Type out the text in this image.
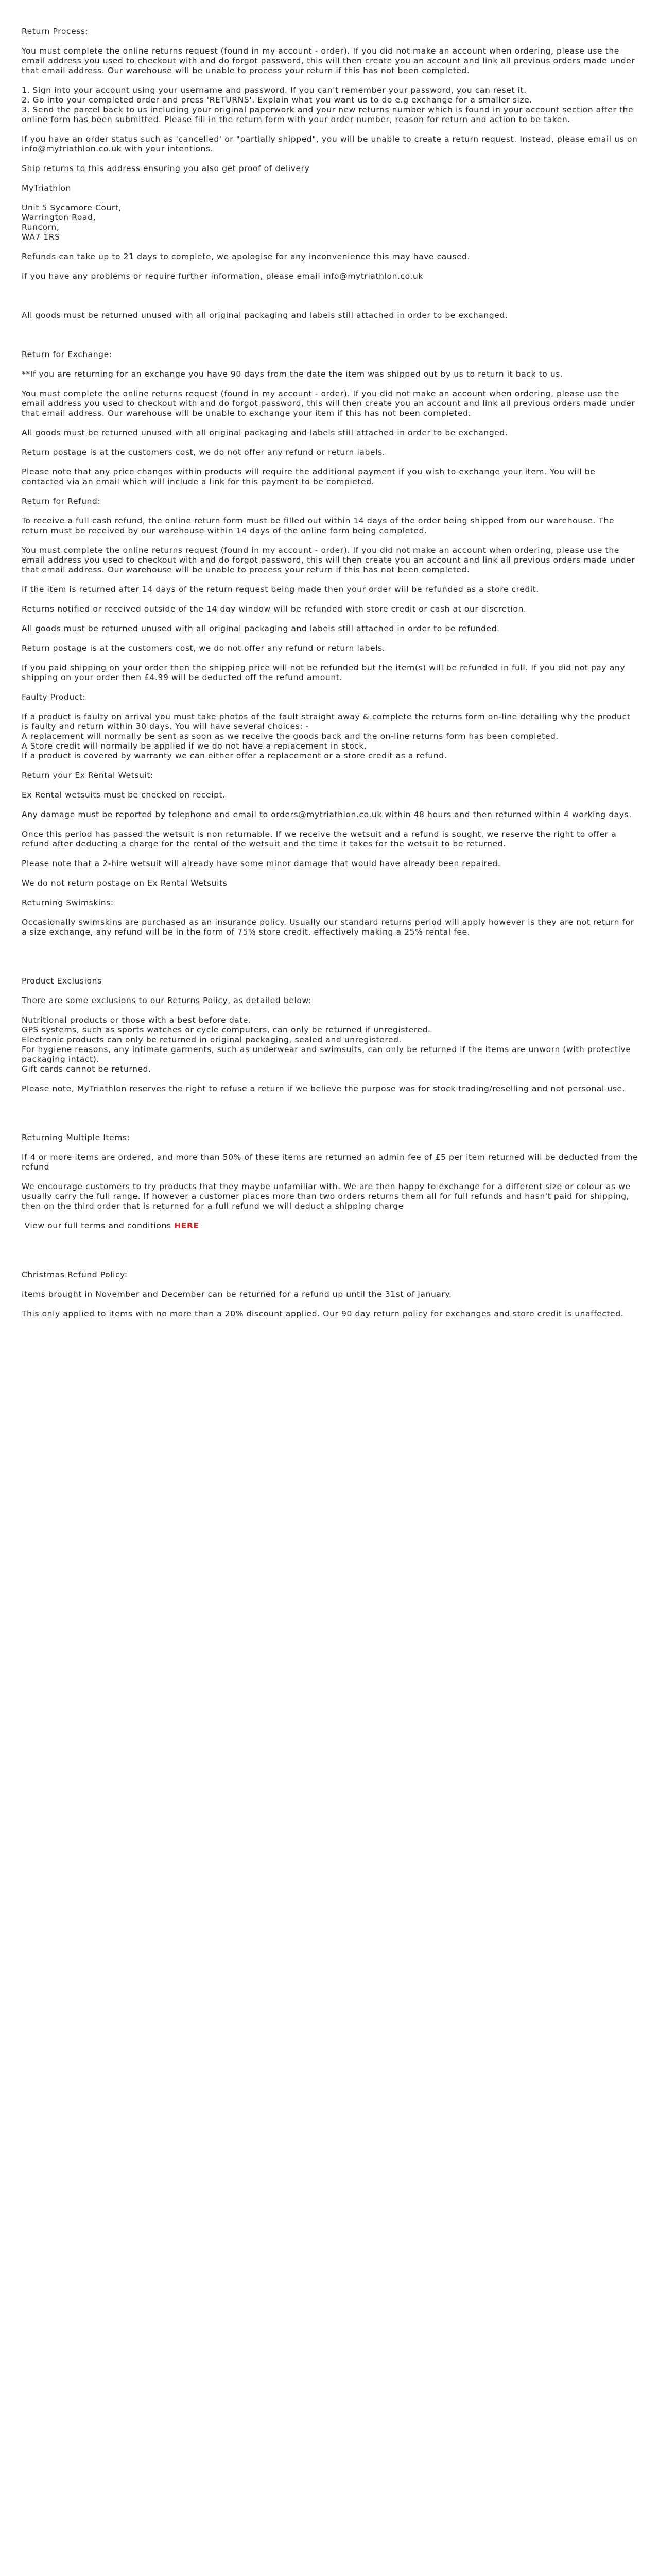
Return Process:

You must complete the online returns request (found in my account - order). If you did not make an account when ordering, please use the email address you used to checkout with and do forgot password, this will then create you an account and link all previous orders made under that email address. Our warehouse will be unable to process your return if this has not been completed.

1. Sign into your account using your username and password. If you can't remember your password, you can reset it.
2. Go into your completed order and press 'RETURNS'. Explain what you want us to do e.g exchange for a smaller size.
3. Send the parcel back to us including your original paperwork and your new returns number which is found in your account section after the online form has been submitted. Please fill in the return form with your order number, reason for return and action to be taken.

If you have an order status such as 'cancelled' or "partially shipped", you will be unable to create a return request. Instead, please email us on info@mytriathlon.co.uk with your intentions.

Ship returns to this address ensuring you also get proof of delivery

MyTriathlon

Unit 5 Sycamore Court,
Warrington Road,
Runcorn,
WA7 1RS

Refunds can take up to 21 days to complete, we apologise for any inconvenience this may have caused.

If you have any problems or require further information, please email info@mytriathlon.co.uk

All goods must be returned unused with all original packaging and labels still attached in order to be exchanged.

Return for Exchange:

**If you are returning for an exchange you have 90 days from the date the item was shipped out by us to return it back to us.

You must complete the online returns request (found in my account - order). If you did not make an account when ordering, please use the email address you used to checkout with and do forgot password, this will then create you an account and link all previous orders made under that email address. Our warehouse will be unable to exchange your item if this has not been completed.

All goods must be returned unused with all original packaging and labels still attached in order to be exchanged.

Return postage is at the customers cost, we do not offer any refund or return labels.

Please note that any price changes within products will require the additional payment if you wish to exchange your item. You will be contacted via an email which will include a link for this payment to be completed.

Return for Refund:

To receive a full cash refund, the online return form must be filled out within 14 days of the order being shipped from our warehouse. The return must be received by our warehouse within 14 days of the online form being completed.

You must complete the online returns request (found in my account - order). If you did not make an account when ordering, please use the email address you used to checkout with and do forgot password, this will then create you an account and link all previous orders made under that email address. Our warehouse will be unable to process your return if this has not been completed.

If the item is returned after 14 days of the return request being made then your order will be refunded as a store credit.

Returns notified or received outside of the 14 day window will be refunded with store credit or cash at our discretion.

All goods must be returned unused with all original packaging and labels still attached in order to be refunded.

Return postage is at the customers cost, we do not offer any refund or return labels.

If you paid shipping on your order then the shipping price will not be refunded but the item(s) will be refunded in full. If you did not pay any shipping on your order then £4.99 will be deducted off the refund amount.

Faulty Product:

If a product is faulty on arrival you must take photos of the fault straight away & complete the returns form on-line detailing why the product is faulty and return within 30 days. You will have several choices: -
A replacement will normally be sent as soon as we receive the goods back and the on-line returns form has been completed.
A Store credit will normally be applied if we do not have a replacement in stock.
If a product is covered by warranty we can either offer a replacement or a store credit as a refund.

Return your Ex Rental Wetsuit:

Ex Rental wetsuits must be checked on receipt.

Any damage must be reported by telephone and email to orders@mytriathlon.co.uk within 48 hours and then returned within 4 working days.

Once this period has passed the wetsuit is non returnable. If we receive the wetsuit and a refund is sought, we reserve the right to offer a refund after deducting a charge for the rental of the wetsuit and the time it takes for the wetsuit to be returned.

Please note that a 2-hire wetsuit will already have some minor damage that would have already been repaired.

We do not return postage on Ex Rental Wetsuits

Returning Swimskins:

Occasionally swimskins are purchased as an insurance policy. Usually our standard returns period will apply however is they are not return for a size exchange, any refund will be in the form of 75% store credit, effectively making a 25% rental fee.

Product Exclusions

There are some exclusions to our Returns Policy, as detailed below:

Nutritional products or those with a best before date.
GPS systems, such as sports watches or cycle computers, can only be returned if unregistered.
Electronic products can only be returned in original packaging, sealed and unregistered.
For hygiene reasons, any intimate garments, such as underwear and swimsuits, can only be returned if the items are unworn (with protective packaging intact).
Gift cards cannot be returned.

Please note, MyTriathlon reserves the right to refuse a return if we believe the purpose was for stock trading/reselling and not personal use.

Returning Multiple Items:

If 4 or more items are ordered, and more than 50% of these items are returned an admin fee of £5 per item returned will be deducted from the refund

We encourage customers to try products that they maybe unfamiliar with. We are then happy to exchange for a different size or colour as we usually carry the full range. If however a customer places more than two orders returns them all for full refunds and hasn't paid for shipping, then on the third order that is returned for a full refund we will deduct a shipping charge

View our full terms and conditions HERE

Christmas Refund Policy:

Items brought in November and December can be returned for a refund up until the 31st of January.

This only applied to items with no more than a 20% discount applied. Our 90 day return policy for exchanges and store credit is unaffected.
